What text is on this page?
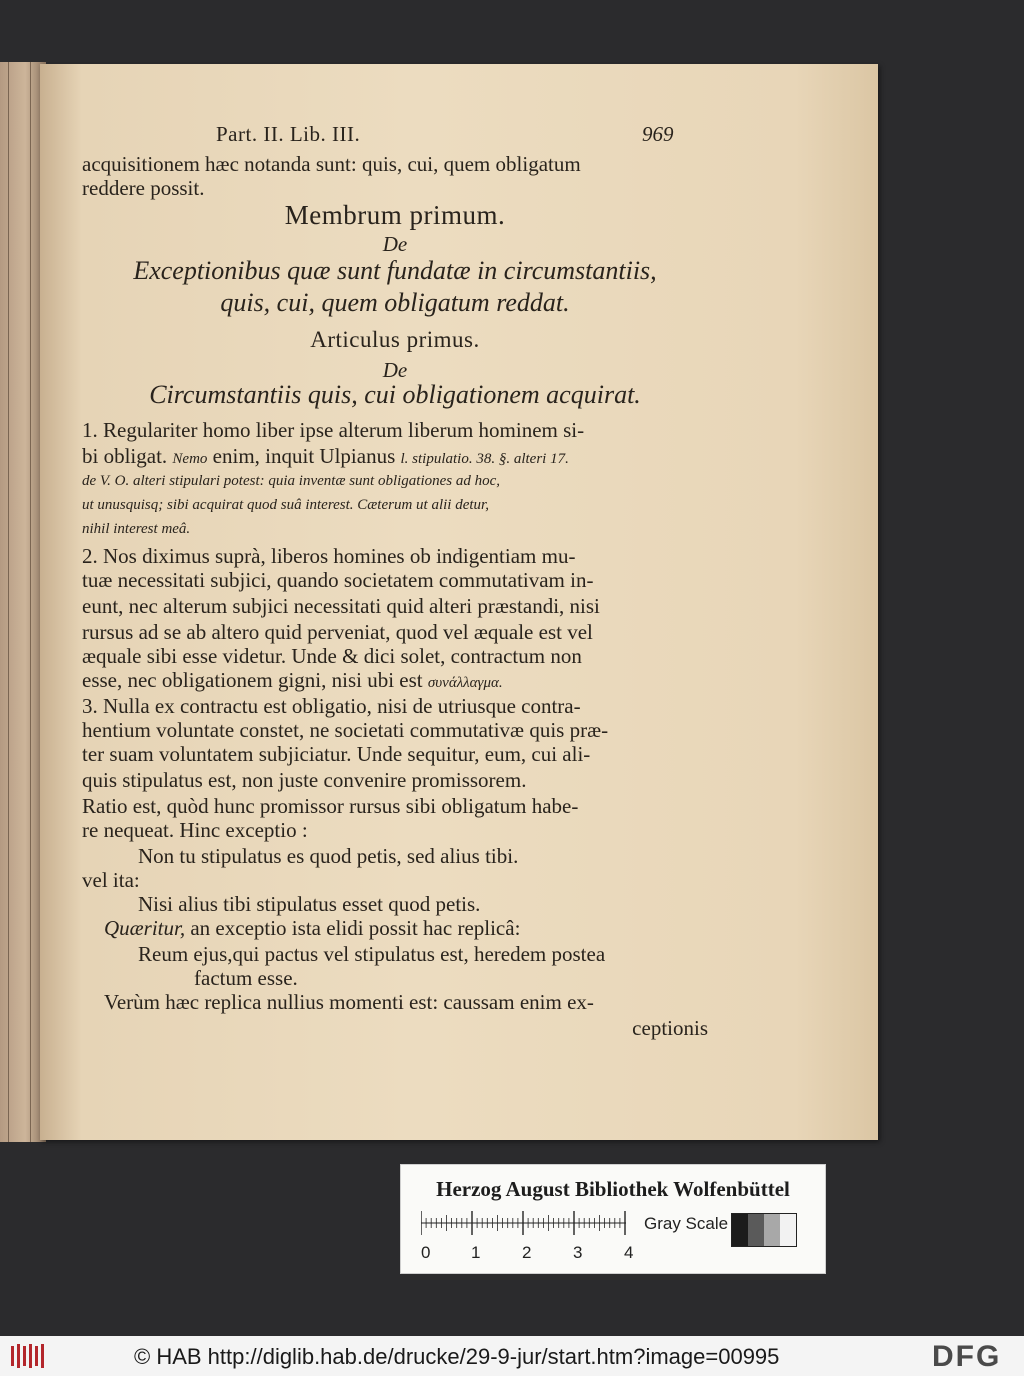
Part. II. Lib. III.	969
acquisitionem hæc notanda sunt: quis, cui, quem obligatum
reddere possit.
Membrum primum.
De
Exceptionibus quæ sunt fundatæ in circumstantiis,
quis, cui, quem obligatum reddat.
Articulus primus.
De
Circumstantiis quis, cui obligationem acquirat.
1. Regulariter homo liber ipse alterum liberum hominem si-
bi obligat. Nemo enim, inquit Ulpianus l. stipulatio. 38. §. alteri 17.
de V. O. alteri stipulari potest: quia inventæ sunt obligationes ad hoc,
ut unusquisq; sibi acquirat quod suâ interest. Cæterum ut alii detur,
nihil interest meâ.
2. Nos diximus suprà, liberos homines ob indigentiam mu-
tuæ necessitati subjici, quando societatem commutativam in-
eunt, nec alterum subjici necessitati quid alteri præstandi, nisi
rursus ad se ab altero quid perveniat, quod vel æquale est vel
æquale sibi esse videtur. Unde & dici solet, contractum non
esse, nec obligationem gigni, nisi ubi est συνάλλαγμα.
3. Nulla ex contractu est obligatio, nisi de utriusque contra-
hentium voluntate constet, ne societati commutativæ quis præ-
ter suam voluntatem subjiciatur. Unde sequitur, eum, cui ali-
quis stipulatus est, non juste convenire promissorem.
Ratio est, quòd hunc promissor rursus sibi obligatum habe-
re nequeat. Hinc exceptio :
Non tu stipulatus es quod petis, sed alius tibi.
vel ita:
Nisi alius tibi stipulatus esset quod petis.
Quæritur, an exceptio ista elidi possit hac replicâ:
Reum ejus,qui pactus vel stipulatus est, heredem postea
factum esse.
Verùm hæc replica nullius momenti est: caussam enim ex-
ceptionis
Herzog August Bibliothek Wolfenbüttel
0 1 2 3 4
Gray Scale
© HAB http://diglib.hab.de/drucke/29-9-jur/start.htm?image=00995	DFG
